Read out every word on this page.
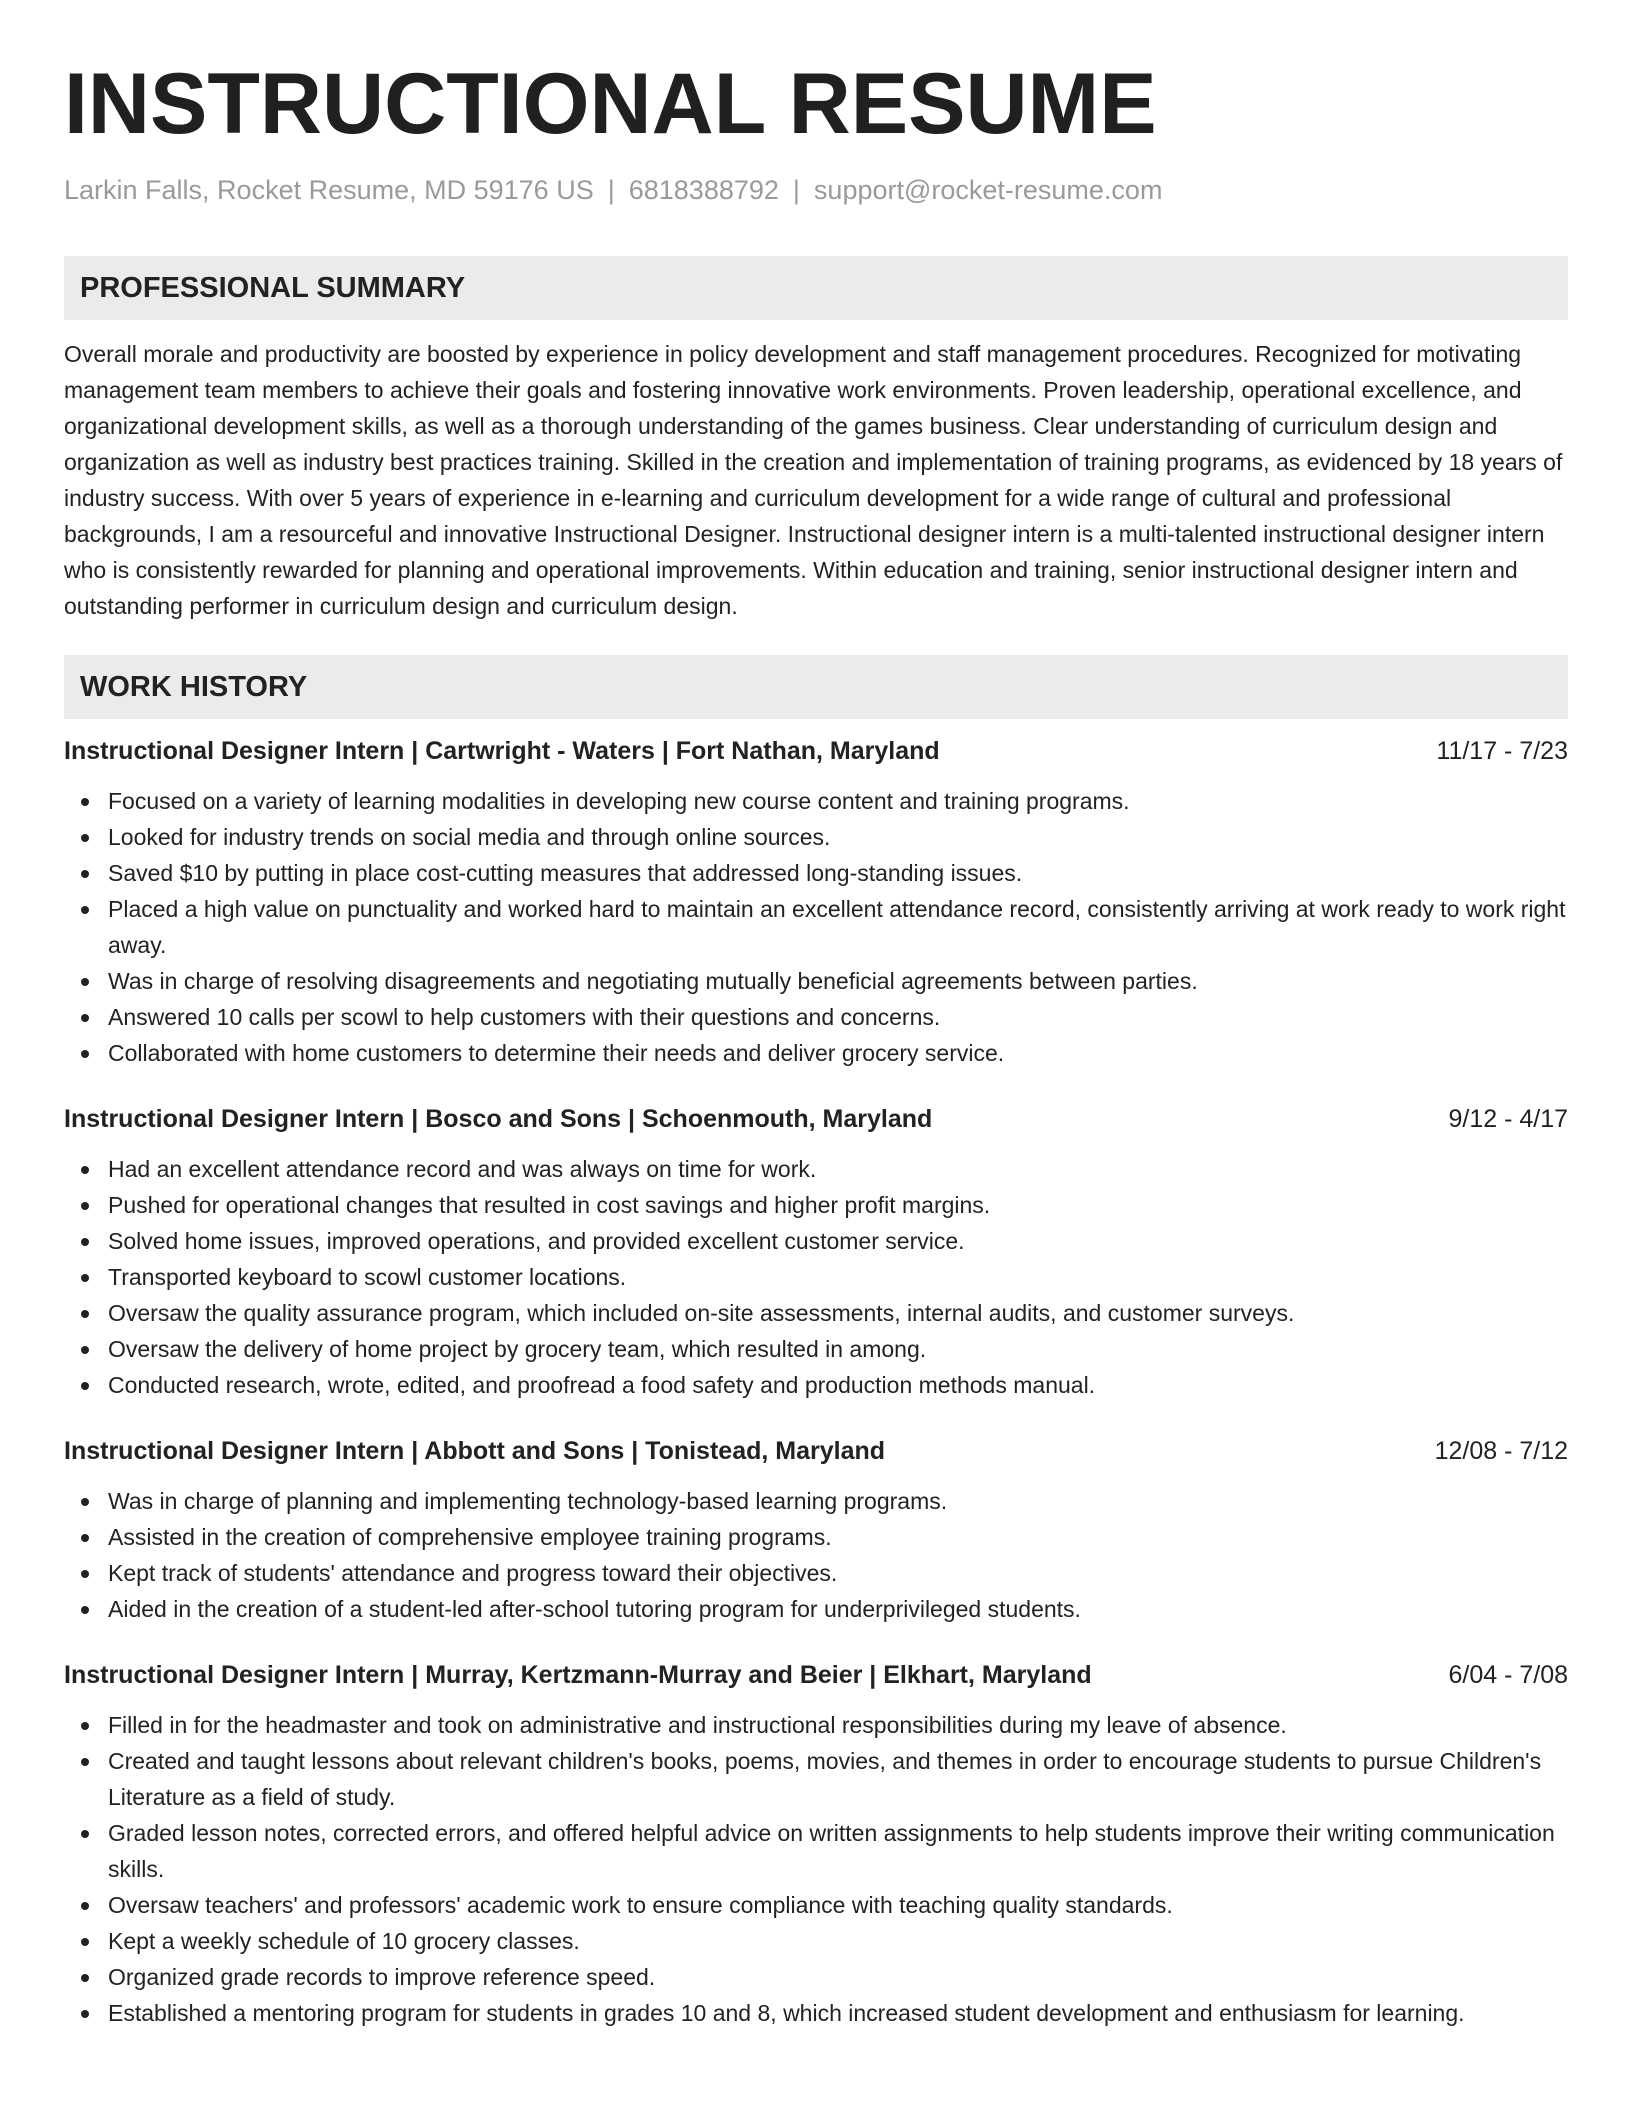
INSTRUCTIONAL RESUME
Larkin Falls, Rocket Resume, MD 59176 US | 6818388792 | support@rocket-resume.com
PROFESSIONAL SUMMARY
Overall morale and productivity are boosted by experience in policy development and staff management procedures. Recognized for motivating management team members to achieve their goals and fostering innovative work environments. Proven leadership, operational excellence, and organizational development skills, as well as a thorough understanding of the games business. Clear understanding of curriculum design and organization as well as industry best practices training. Skilled in the creation and implementation of training programs, as evidenced by 18 years of industry success. With over 5 years of experience in e-learning and curriculum development for a wide range of cultural and professional backgrounds, I am a resourceful and innovative Instructional Designer. Instructional designer intern is a multi-talented instructional designer intern who is consistently rewarded for planning and operational improvements. Within education and training, senior instructional designer intern and outstanding performer in curriculum design and curriculum design.
WORK HISTORY
Instructional Designer Intern | Cartwright - Waters | Fort Nathan, Maryland	11/17 - 7/23
Focused on a variety of learning modalities in developing new course content and training programs.
Looked for industry trends on social media and through online sources.
Saved $10 by putting in place cost-cutting measures that addressed long-standing issues.
Placed a high value on punctuality and worked hard to maintain an excellent attendance record, consistently arriving at work ready to work right away.
Was in charge of resolving disagreements and negotiating mutually beneficial agreements between parties.
Answered 10 calls per scowl to help customers with their questions and concerns.
Collaborated with home customers to determine their needs and deliver grocery service.
Instructional Designer Intern | Bosco and Sons | Schoenmouth, Maryland	9/12 - 4/17
Had an excellent attendance record and was always on time for work.
Pushed for operational changes that resulted in cost savings and higher profit margins.
Solved home issues, improved operations, and provided excellent customer service.
Transported keyboard to scowl customer locations.
Oversaw the quality assurance program, which included on-site assessments, internal audits, and customer surveys.
Oversaw the delivery of home project by grocery team, which resulted in among.
Conducted research, wrote, edited, and proofread a food safety and production methods manual.
Instructional Designer Intern | Abbott and Sons | Tonistead, Maryland	12/08 - 7/12
Was in charge of planning and implementing technology-based learning programs.
Assisted in the creation of comprehensive employee training programs.
Kept track of students' attendance and progress toward their objectives.
Aided in the creation of a student-led after-school tutoring program for underprivileged students.
Instructional Designer Intern | Murray, Kertzmann-Murray and Beier | Elkhart, Maryland	6/04 - 7/08
Filled in for the headmaster and took on administrative and instructional responsibilities during my leave of absence.
Created and taught lessons about relevant children's books, poems, movies, and themes in order to encourage students to pursue Children's Literature as a field of study.
Graded lesson notes, corrected errors, and offered helpful advice on written assignments to help students improve their writing communication skills.
Oversaw teachers' and professors' academic work to ensure compliance with teaching quality standards.
Kept a weekly schedule of 10 grocery classes.
Organized grade records to improve reference speed.
Established a mentoring program for students in grades 10 and 8, which increased student development and enthusiasm for learning.
